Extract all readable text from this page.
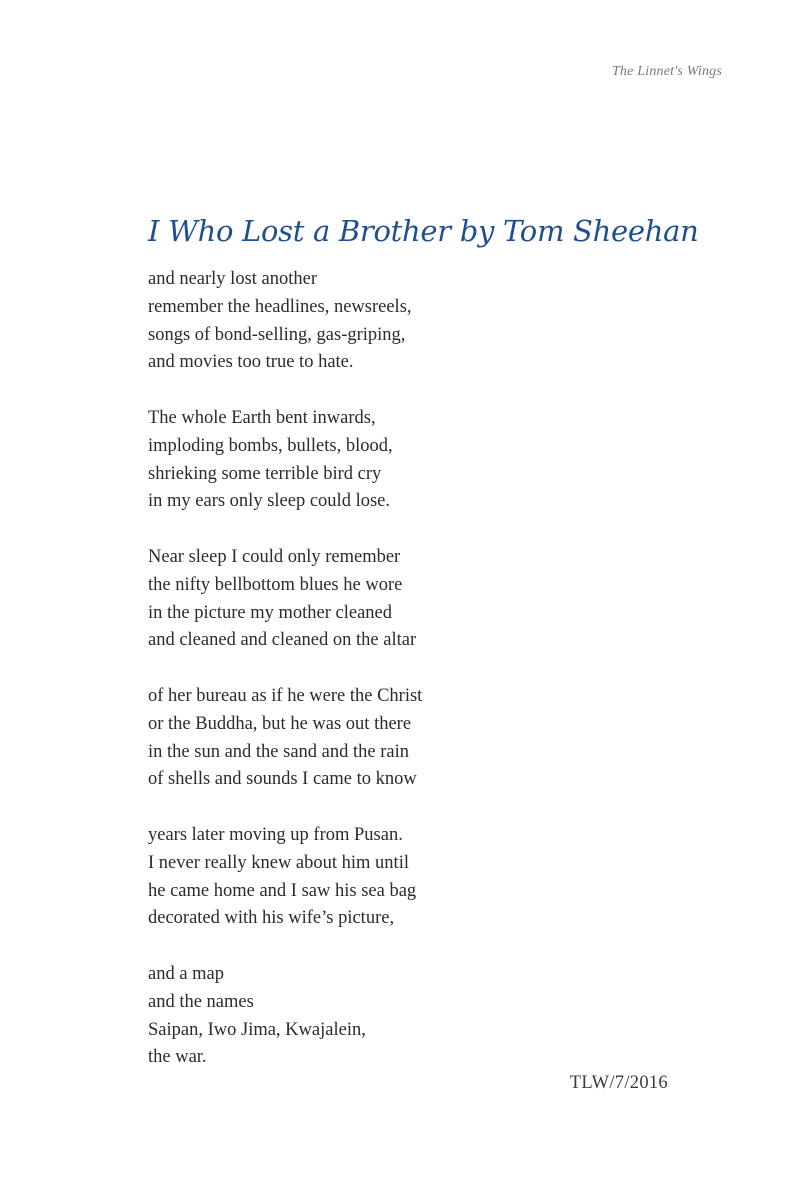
The Linnet's Wings
I Who Lost a Brother by Tom Sheehan
and nearly lost another
remember the headlines, newsreels,
songs of bond-selling, gas-griping,
and movies too true to hate.
The whole Earth bent inwards,
imploding bombs, bullets, blood,
shrieking some terrible bird cry
in my ears only sleep could lose.
Near sleep I could only remember
the nifty bellbottom blues he wore
in the picture my mother cleaned
and cleaned and cleaned on the altar
of her bureau as if he were the Christ
or the Buddha, but he was out there
in the sun and the sand and the rain
of shells and sounds I came to know
years later moving up from Pusan.
I never really knew about him until
he came home and I saw his sea bag
decorated with his wife’s picture,
and a map
and the names
Saipan, Iwo Jima, Kwajalein,
the war.
TLW/7/2016
